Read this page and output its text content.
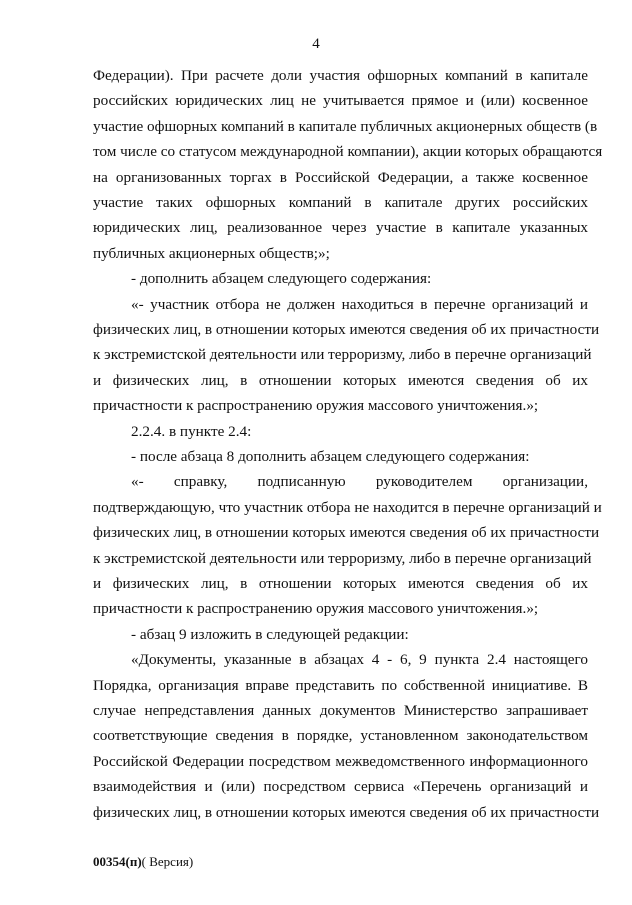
4
Федерации). При расчете доли участия офшорных компаний в капитале
российских юридических лиц не учитывается прямое и (или) косвенное
участие офшорных компаний в капитале публичных акционерных обществ (в
том числе со статусом международной компании), акции которых обращаются
на организованных торгах в Российской Федерации, а также косвенное
участие таких офшорных компаний в капитале других российских
юридических лиц, реализованное через участие в капитале указанных
публичных акционерных обществ;»;
- дополнить абзацем следующего содержания:
«- участник отбора не должен находиться в перечне организаций и
физических лиц, в отношении которых имеются сведения об их причастности
к экстремистской деятельности или терроризму, либо в перечне организаций
и физических лиц, в отношении которых имеются сведения об их
причастности к распространению оружия массового уничтожения.»;
2.2.4. в пункте 2.4:
- после абзаца 8 дополнить абзацем следующего содержания:
«- справку, подписанную руководителем организации,
подтверждающую, что участник отбора не находится в перечне организаций и
физических лиц, в отношении которых имеются сведения об их причастности
к экстремистской деятельности или терроризму, либо в перечне организаций
и физических лиц, в отношении которых имеются сведения об их
причастности к распространению оружия массового уничтожения.»;
- абзац 9 изложить в следующей редакции:
«Документы, указанные в абзацах 4 - 6, 9 пункта 2.4 настоящего
Порядка, организация вправе представить по собственной инициативе. В
случае непредставления данных документов Министерство запрашивает
соответствующие сведения в порядке, установленном законодательством
Российской Федерации посредством межведомственного информационного
взаимодействия и (или) посредством сервиса «Перечень организаций и
физических лиц, в отношении которых имеются сведения об их причастности
00354(п)( Версия)
